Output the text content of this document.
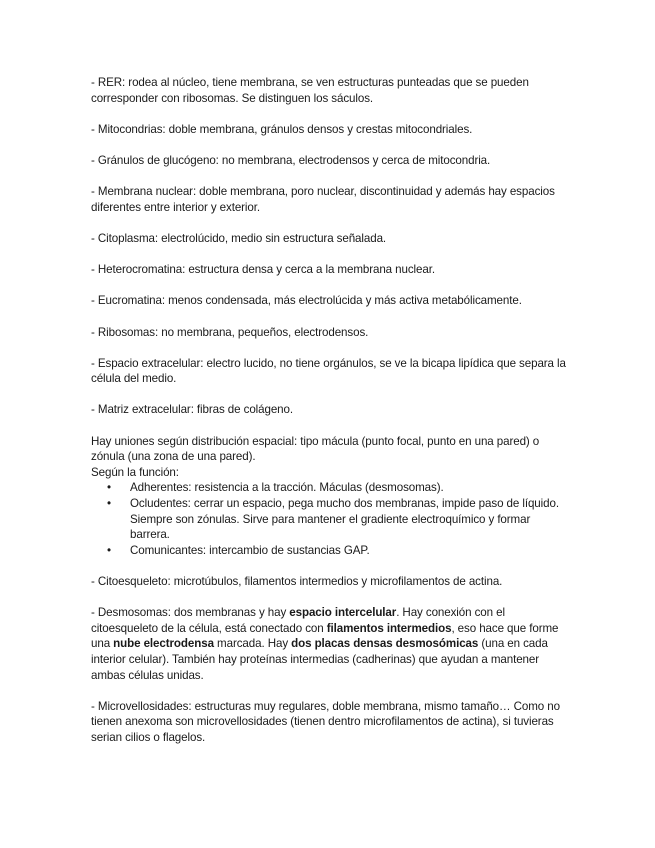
- RER: rodea al núcleo, tiene membrana, se ven estructuras punteadas que se pueden corresponder con ribosomas. Se distinguen los sáculos.

- Mitocondrias: doble membrana, gránulos densos y crestas mitocondriales.

- Gránulos de glucógeno: no membrana, electrodensos y cerca de mitocondria.

- Membrana nuclear: doble membrana, poro nuclear, discontinuidad y además hay espacios diferentes entre interior y exterior.

- Citoplasma: electrolúcido, medio sin estructura señalada.

- Heterocromatina: estructura densa y cerca a la membrana nuclear.

- Eucromatina: menos condensada, más electrolúcida y más activa metabólicamente.

- Ribosomas: no membrana, pequeños, electrodensos.

- Espacio extracelular: electro lucido, no tiene orgánulos, se ve la bicapa lipídica que separa la célula del medio.

- Matriz extracelular: fibras de colágeno.

Hay uniones según distribución espacial: tipo mácula (punto focal, punto en una pared) o zónula (una zona de una pared).

Según la función:

• Adherentes: resistencia a la tracción. Máculas (desmosomas).
• Ocludentes: cerrar un espacio, pega mucho dos membranas, impide paso de líquido. Siempre son zónulas. Sirve para mantener el gradiente electroquímico y formar barrera.
• Comunicantes: intercambio de sustancias GAP.

- Citoesqueleto: microtúbulos, filamentos intermedios y microfilamentos de actina.

- Desmosomas: dos membranas y hay espacio intercelular. Hay conexión con el citoesqueleto de la célula, está conectado con filamentos intermedios, eso hace que forme una nube electrodensa marcada. Hay dos placas densas desmosómicas (una en cada interior celular). También hay proteínas intermedias (cadherinas) que ayudan a mantener ambas células unidas.

- Microvellosidades: estructuras muy regulares, doble membrana, mismo tamaño… Como no tienen anexoma son microvellosidades (tienen dentro microfilamentos de actina), si tuvieras serian cilios o flagelos.
